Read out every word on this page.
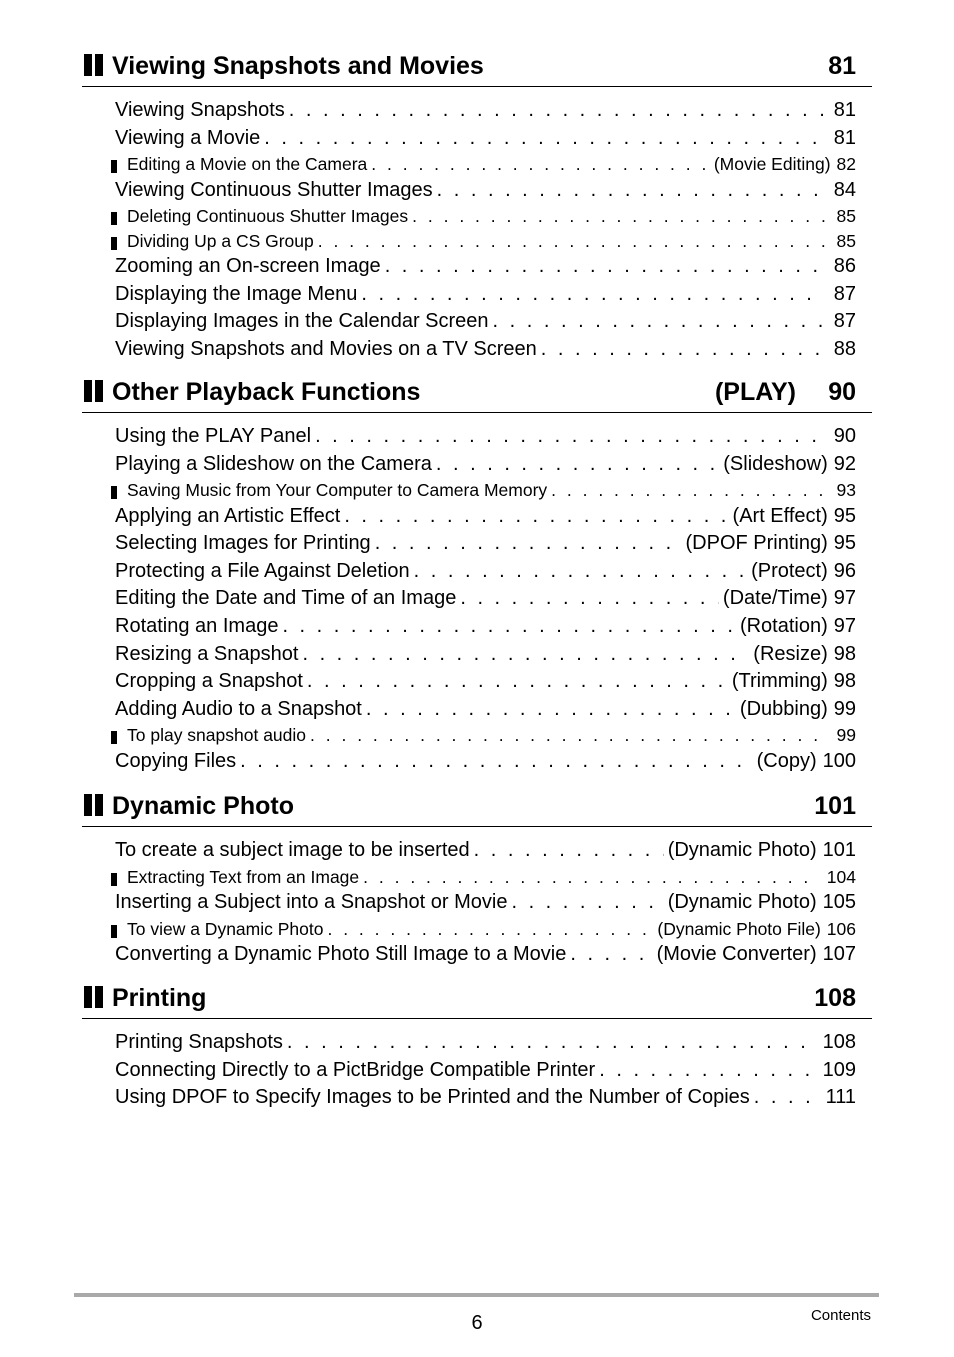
Viewing Snapshots and Movies	81
Viewing Snapshots . . .	81
Viewing a Movie . . .	81
Editing a Movie on the Camera . . .	(Movie Editing) 82
Viewing Continuous Shutter Images . . .	84
Deleting Continuous Shutter Images . . .	85
Dividing Up a CS Group . . .	85
Zooming an On-screen Image . . .	86
Displaying the Image Menu . . .	87
Displaying Images in the Calendar Screen . . .	87
Viewing Snapshots and Movies on a TV Screen . . .	88
Other Playback Functions	(PLAY) 90
Using the PLAY Panel . . .	90
Playing a Slideshow on the Camera . . .	(Slideshow) 92
Saving Music from Your Computer to Camera Memory . . .	93
Applying an Artistic Effect . . .	(Art Effect) 95
Selecting Images for Printing . . .	(DPOF Printing) 95
Protecting a File Against Deletion . . .	(Protect) 96
Editing the Date and Time of an Image . . .	(Date/Time) 97
Rotating an Image . . .	(Rotation) 97
Resizing a Snapshot . . .	(Resize) 98
Cropping a Snapshot . . .	(Trimming) 98
Adding Audio to a Snapshot . . .	(Dubbing) 99
To play snapshot audio . . .	99
Copying Files . . .	(Copy) 100
Dynamic Photo	101
To create a subject image to be inserted . . .	(Dynamic Photo) 101
Extracting Text from an Image . . .	104
Inserting a Subject into a Snapshot or Movie . . .	(Dynamic Photo) 105
To view a Dynamic Photo . . .	(Dynamic Photo File) 106
Converting a Dynamic Photo Still Image to a Movie . . .	(Movie Converter) 107
Printing	108
Printing Snapshots . . .	108
Connecting Directly to a PictBridge Compatible Printer . . .	109
Using DPOF to Specify Images to be Printed and the Number of Copies . . .	111
6	Contents
